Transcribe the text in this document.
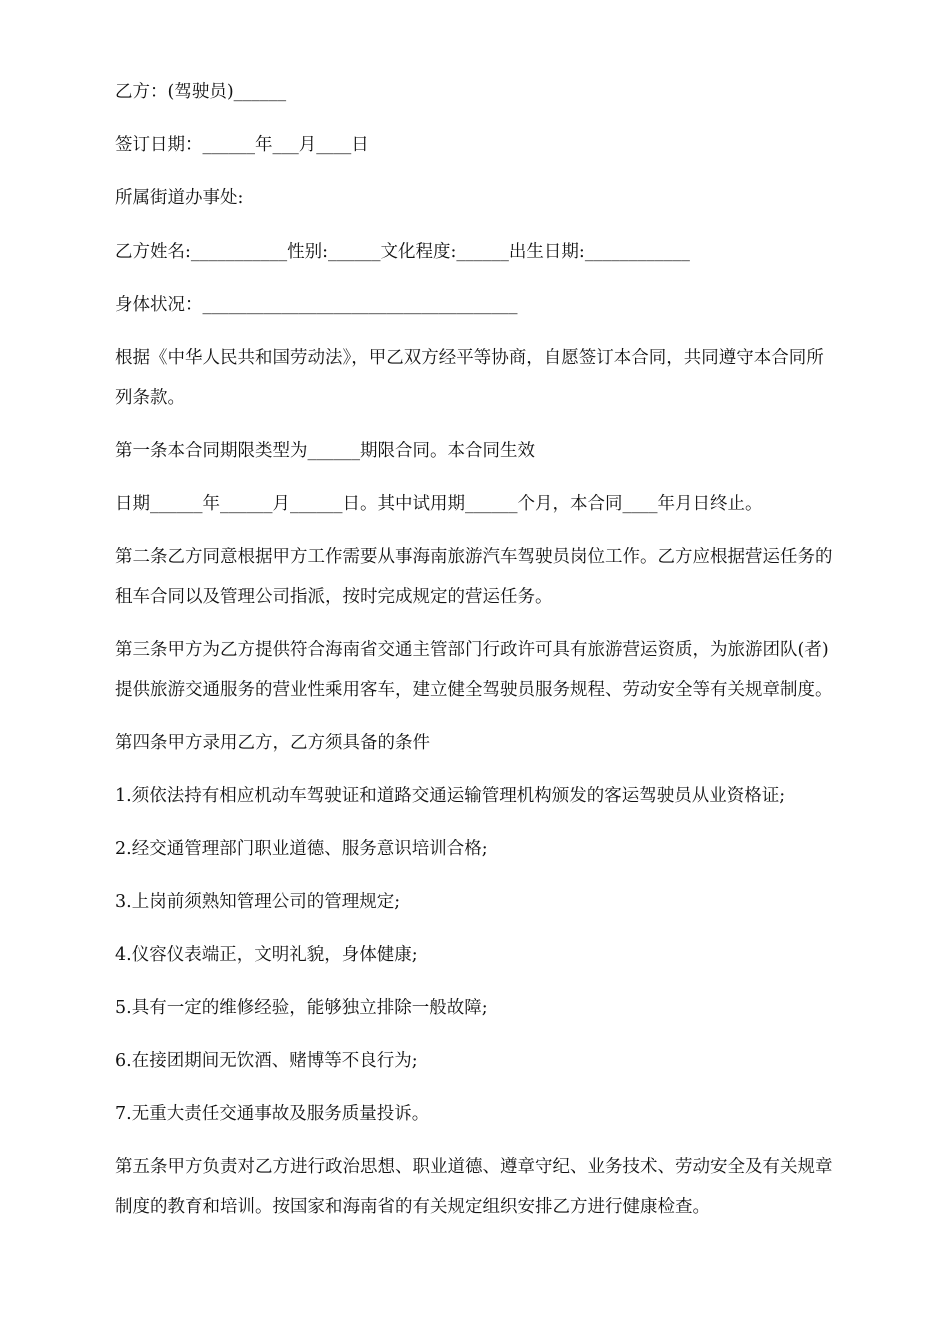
乙方：(驾驶员)______

签订日期：______年___月____日

所属街道办事处:

乙方姓名:___________性别:______文化程度:______出生日期:____________

身体状况：____________________________________

根据《中华人民共和国劳动法》，甲乙双方经平等协商，自愿签订本合同，共同遵守本合同所

列条款。

第一条本合同期限类型为______期限合同。本合同生效

日期______年______月______日。其中试用期______个月，本合同____年月日终止。

第二条乙方同意根据甲方工作需要从事海南旅游汽车驾驶员岗位工作。乙方应根据营运任务的

租车合同以及管理公司指派，按时完成规定的营运任务。

第三条甲方为乙方提供符合海南省交通主管部门行政许可具有旅游营运资质，为旅游团队(者)

提供旅游交通服务的营业性乘用客车，建立健全驾驶员服务规程、劳动安全等有关规章制度。

第四条甲方录用乙方，乙方须具备的条件

1.须依法持有相应机动车驾驶证和道路交通运输管理机构颁发的客运驾驶员从业资格证;

2.经交通管理部门职业道德、服务意识培训合格;

3.上岗前须熟知管理公司的管理规定;

4.仪容仪表端正，文明礼貌，身体健康;

5.具有一定的维修经验，能够独立排除一般故障;

6.在接团期间无饮酒、赌博等不良行为;

7.无重大责任交通事故及服务质量投诉。

第五条甲方负责对乙方进行政治思想、职业道德、遵章守纪、业务技术、劳动安全及有关规章

制度的教育和培训。按国家和海南省的有关规定组织安排乙方进行健康检查。
